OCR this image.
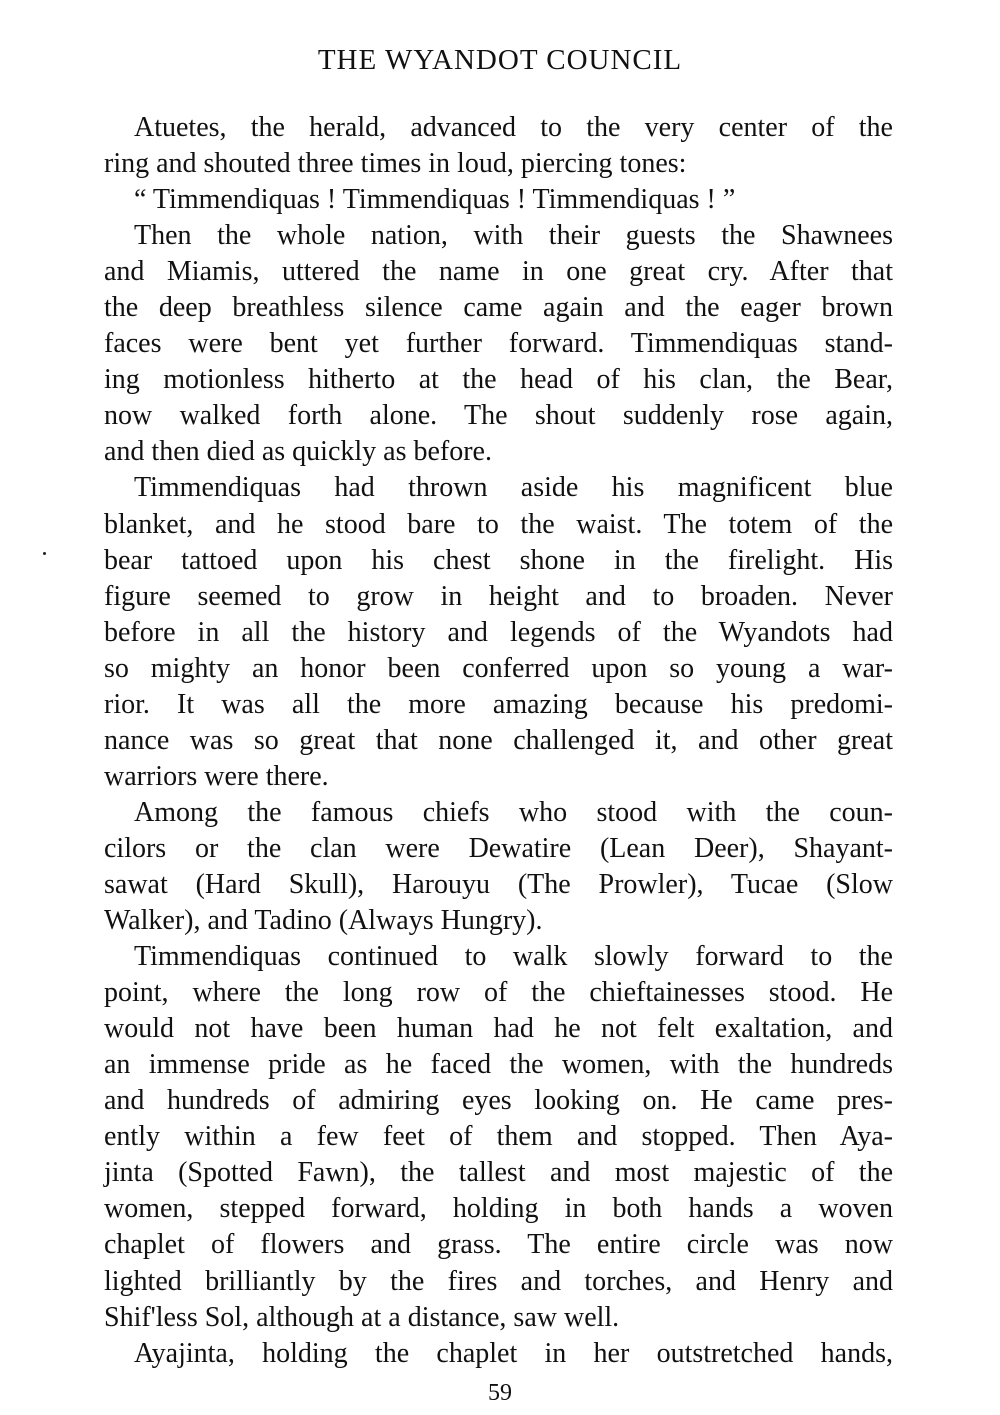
THE WYANDOT COUNCIL
Atuetes, the herald, advanced to the very center of the
ring and shouted three times in loud, piercing tones:
“ Timmendiquas ! Timmendiquas ! Timmendiquas ! ”
Then the whole nation, with their guests the Shawnees
and Miamis, uttered the name in one great cry. After that
the deep breathless silence came again and the eager brown
faces were bent yet further forward. Timmendiquas stand-
ing motionless hitherto at the head of his clan, the Bear,
now walked forth alone. The shout suddenly rose again,
and then died as quickly as before.
Timmendiquas had thrown aside his magnificent blue
blanket, and he stood bare to the waist. The totem of the
bear tattoed upon his chest shone in the firelight. His
figure seemed to grow in height and to broaden. Never
before in all the history and legends of the Wyandots had
so mighty an honor been conferred upon so young a war-
rior. It was all the more amazing because his predomi-
nance was so great that none challenged it, and other great
warriors were there.
Among the famous chiefs who stood with the coun-
cilors or the clan were Dewatire (Lean Deer), Shayant-
sawat (Hard Skull), Harouyu (The Prowler), Tucae (Slow
Walker), and Tadino (Always Hungry).
Timmendiquas continued to walk slowly forward to the
point, where the long row of the chieftainesses stood. He
would not have been human had he not felt exaltation, and
an immense pride as he faced the women, with the hundreds
and hundreds of admiring eyes looking on. He came pres-
ently within a few feet of them and stopped. Then Aya-
jinta (Spotted Fawn), the tallest and most majestic of the
women, stepped forward, holding in both hands a woven
chaplet of flowers and grass. The entire circle was now
lighted brilliantly by the fires and torches, and Henry and
Shif'less Sol, although at a distance, saw well.
Ayajinta, holding the chaplet in her outstretched hands,
59
